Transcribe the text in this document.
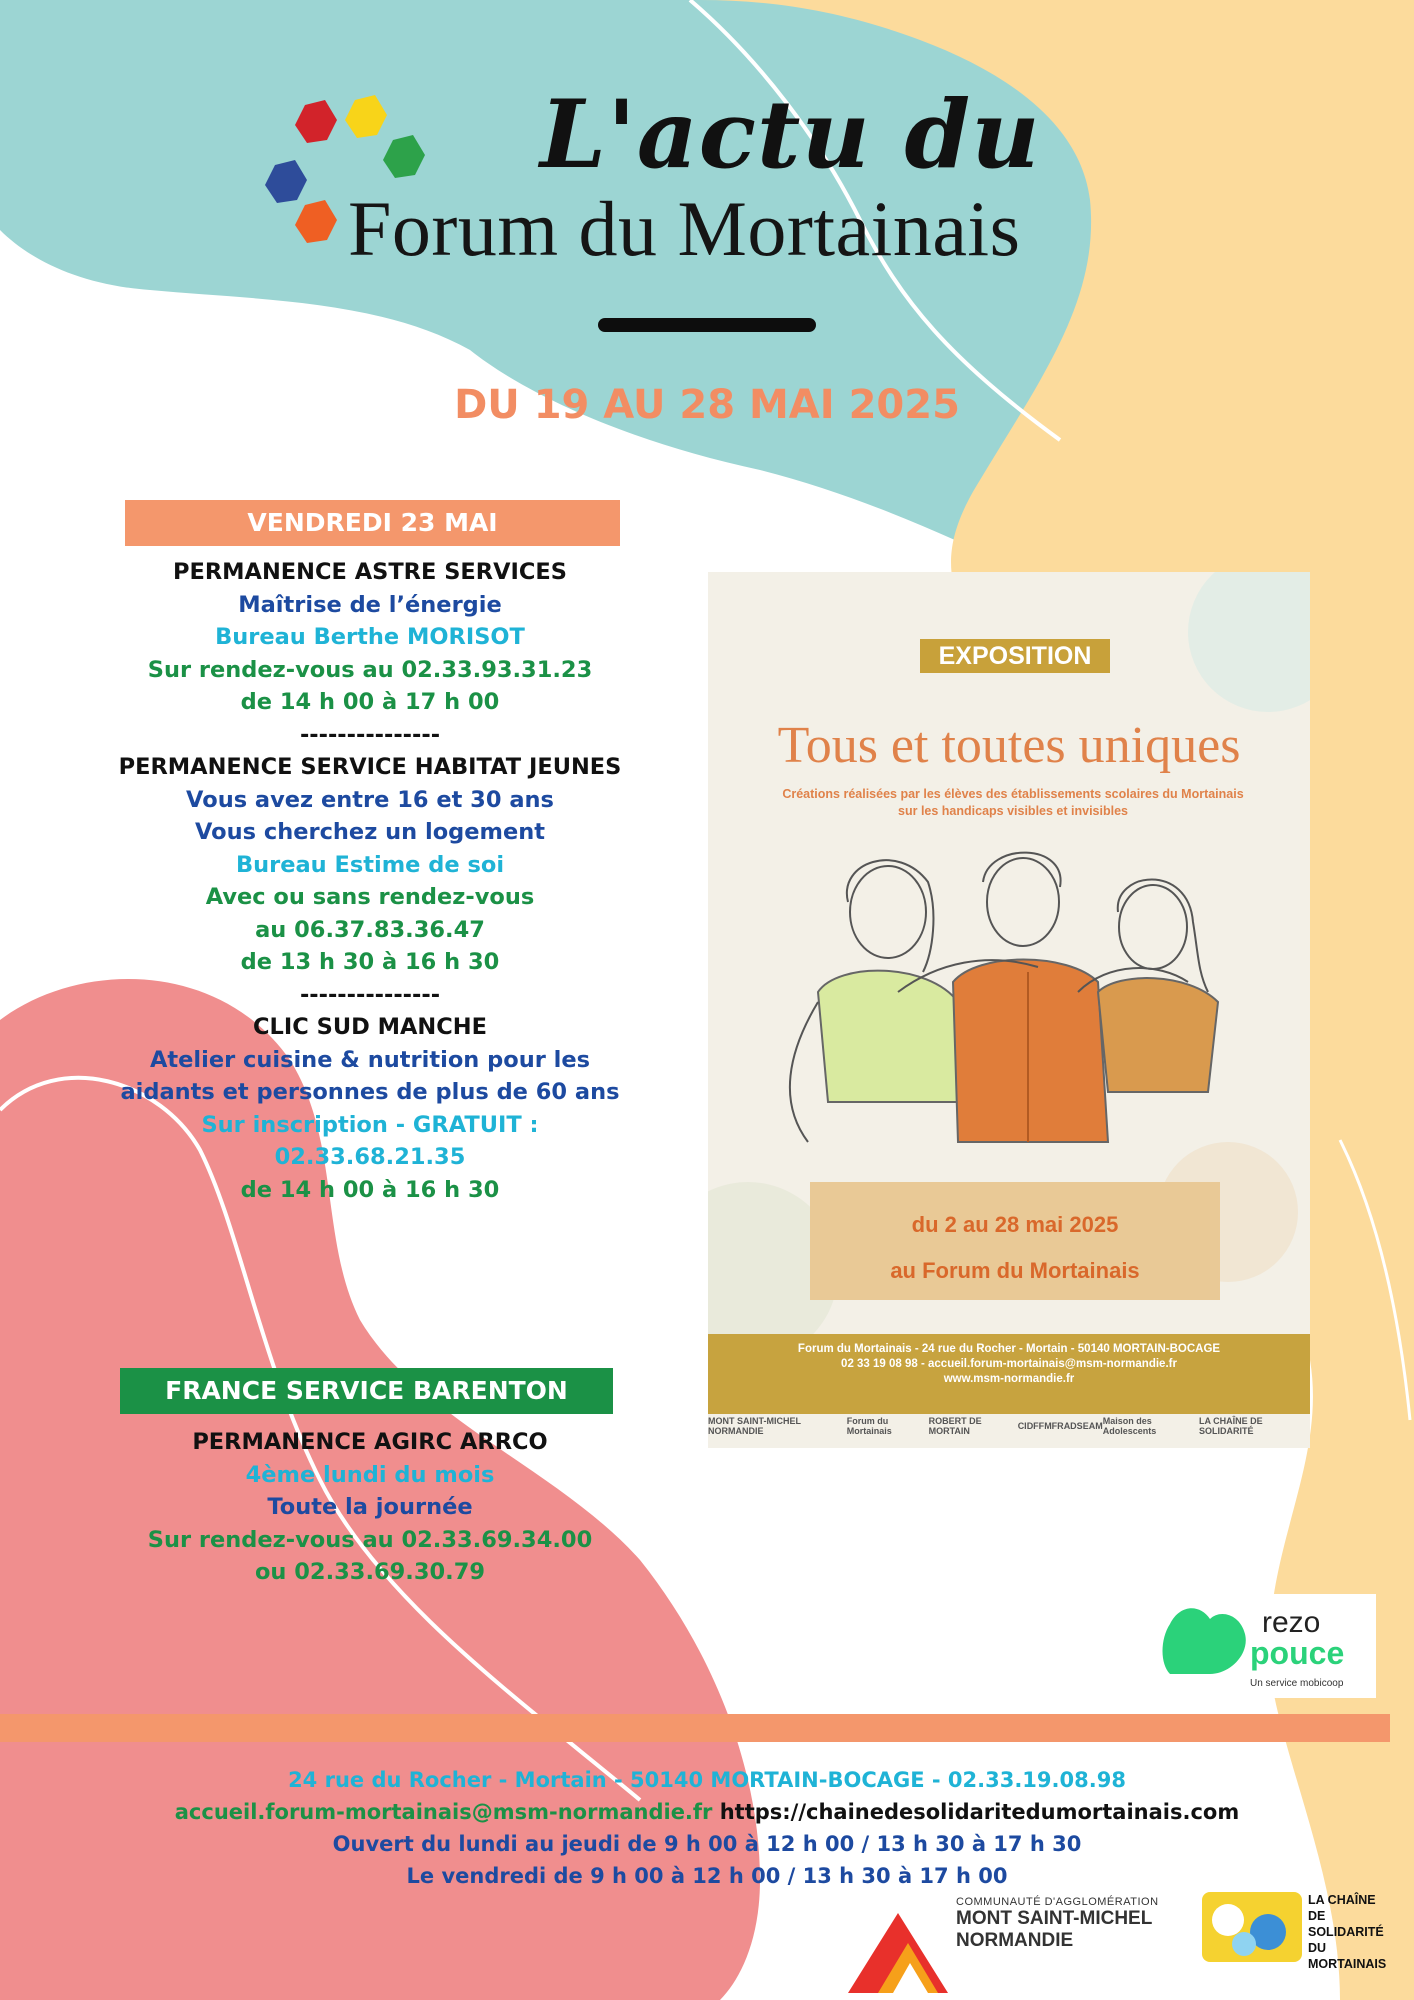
L'actu du
Forum du Mortainais
DU 19 AU 28 MAI 2025
VENDREDI 23 MAI
PERMANENCE ASTRE SERVICES
Maîtrise de l’énergie
Bureau Berthe MORISOT
Sur rendez-vous au 02.33.93.31.23
de 14 h 00 à 17 h 00
---------------
PERMANENCE SERVICE HABITAT JEUNES
Vous avez entre 16 et 30 ans
Vous cherchez un logement
Bureau Estime de soi
Avec ou sans rendez-vous
au 06.37.83.36.47
de 13 h 30 à 16 h 30
---------------
CLIC SUD MANCHE
Atelier cuisine & nutrition pour les
aidants et personnes de plus de 60 ans
Sur inscription - GRATUIT :
02.33.68.21.35
de 14 h 00 à 16 h 30
FRANCE SERVICE BARENTON
PERMANENCE AGIRC ARRCO
4ème lundi du mois
Toute la journée
Sur rendez-vous au 02.33.69.34.00
ou 02.33.69.30.79
EXPOSITION
Tous et toutes uniques
Créations réalisées par les élèves des établissements scolaires du Mortainais
sur les handicaps visibles et invisibles
du 2 au 28 mai 2025
au Forum du Mortainais
Forum du Mortainais - 24 rue du Rocher - Mortain - 50140 MORTAIN-BOCAGE
02 33 19 08 98 - accueil.forum-mortainais@msm-normandie.fr
www.msm-normandie.fr
MONT SAINT-MICHEL NORMANDIE
Forum du Mortainais
ROBERT DE MORTAIN	CIDFF MFR ADSEAM Maison des Adolescents
LA CHAÎNE DE SOLIDARITÉ
rezo
pouce
Un service mobicoop
24 rue du Rocher - Mortain - 50140 MORTAIN-BOCAGE - 02.33.19.08.98
accueil.forum-mortainais@msm-normandie.fr https://chainedesolidaritedumortainais.com
Ouvert du lundi au jeudi de 9 h 00 à 12 h 00 / 13 h 30 à 17 h 30
Le vendredi de 9 h 00 à 12 h 00 / 13 h 30 à 17 h 00
COMMUNAUTÉ D'AGGLOMÉRATION
MONT SAINT-MICHEL
NORMANDIE
LA CHAÎNE
DE SOLIDARITÉ
DU MORTAINAIS
